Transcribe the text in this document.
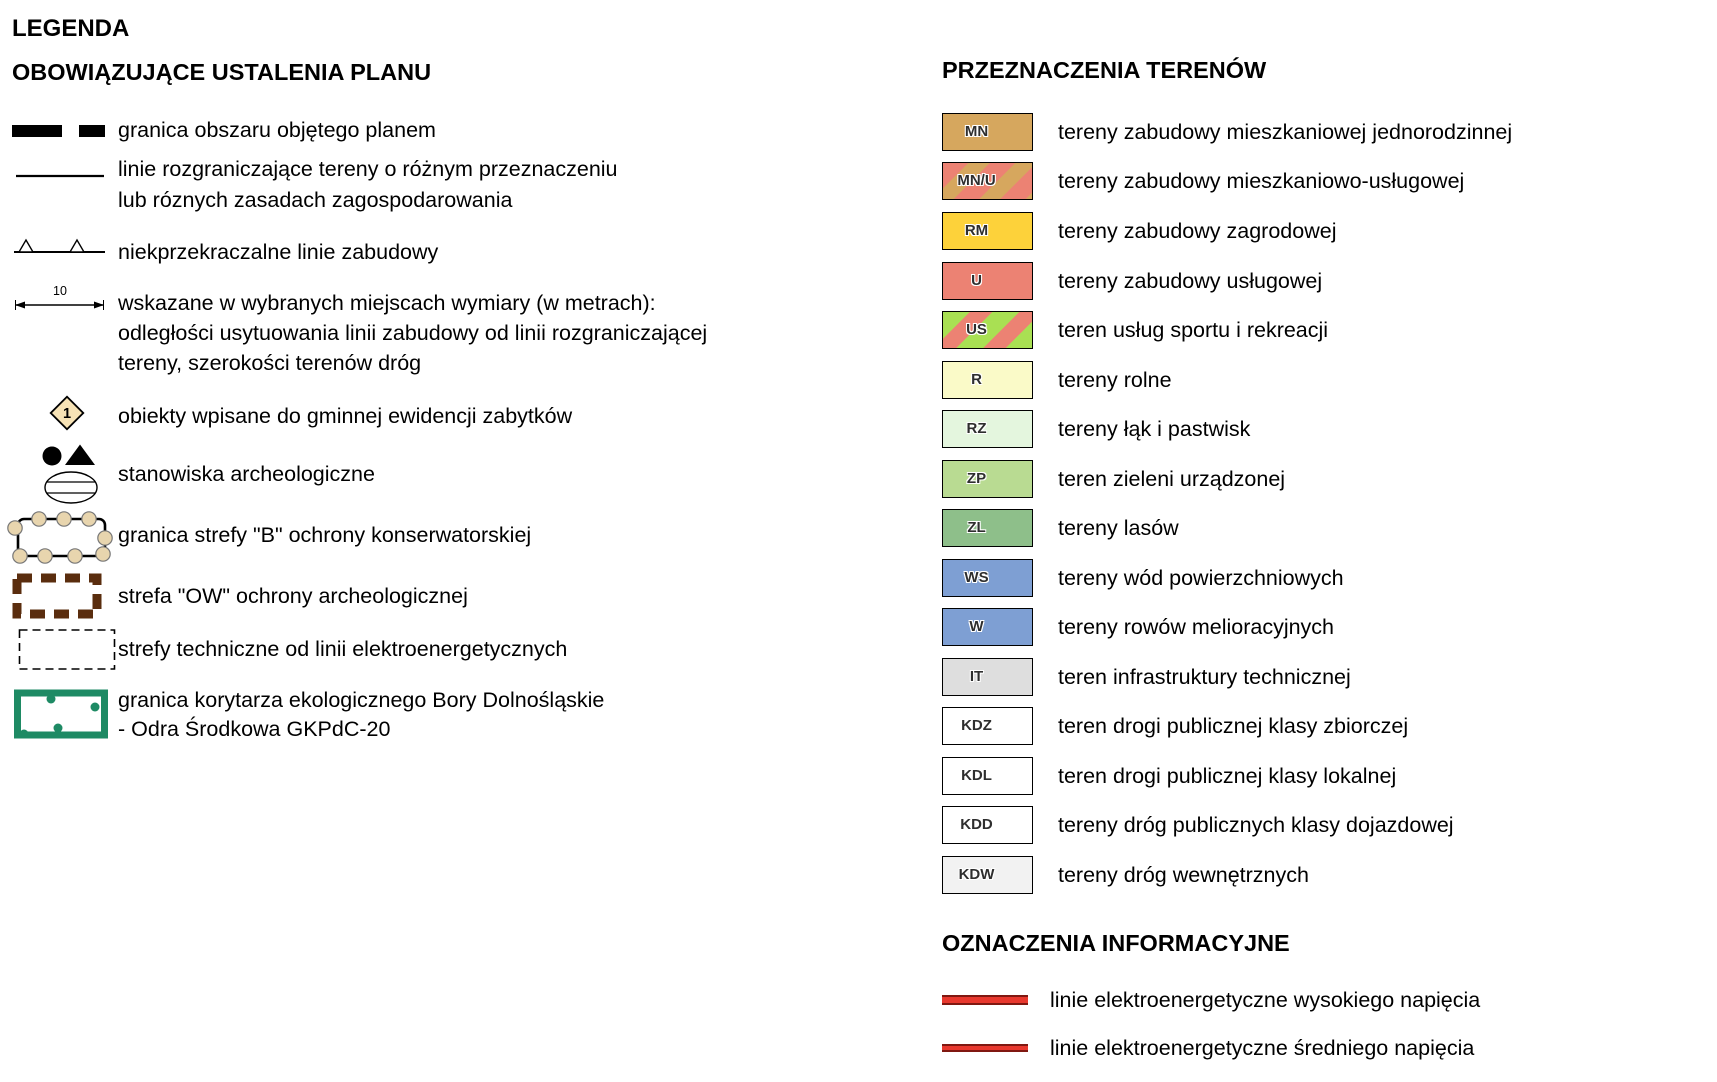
LEGENDA
OBOWIĄZUJĄCE USTALENIA PLANU	PRZEZNACZENIA TERENÓW
OZNACZENIA INFORMACYJNE
granica obszaru objętego planem
linie rozgraniczające tereny o różnym przeznaczeniu
lub róznych zasadach zagospodarowania
niekprzekraczalne linie zabudowy
10	wskazane w wybranych miejscach wymiary (w metrach):
odległości usytuowania linii zabudowy od linii rozgraniczającej
tereny, szerokości terenów dróg
1 obiekty wpisane do gminnej ewidencji zabytków
stanowiska archeologiczne
granica strefy "B" ochrony konserwatorskiej
strefa "OW" ochrony archeologicznej
strefy techniczne od linii elektroenergetycznych
granica korytarza ekologicznego Bory Dolnośląskie
- Odra Środkowa GKPdC-20
MN	tereny zabudowy mieszkaniowej jednorodzinnej
MN/U	tereny zabudowy mieszkaniowo-usługowej
RM	tereny zabudowy zagrodowej
U	tereny zabudowy usługowej
US	teren usług sportu i rekreacji
R	tereny rolne
RZ	tereny łąk i pastwisk
ZP	teren zieleni urządzonej
ZL	tereny lasów
WS	tereny wód powierzchniowych
W	tereny rowów melioracyjnych
IT	teren infrastruktury technicznej
KDZ	teren drogi publicznej klasy zbiorczej
KDL	teren drogi publicznej klasy lokalnej
KDD	tereny dróg publicznych klasy dojazdowej
KDW	tereny dróg wewnętrznych
linie elektroenergetyczne wysokiego napięcia
linie elektroenergetyczne średniego napięcia
